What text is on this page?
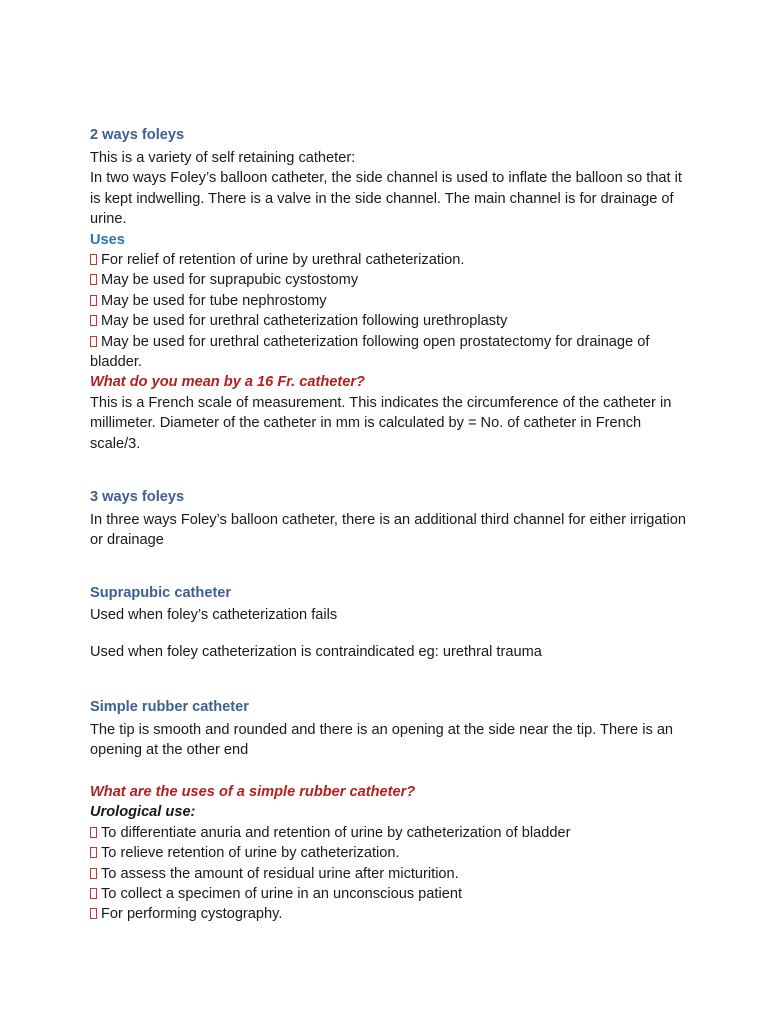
2 ways foleys
This is a variety of self retaining catheter:
In two ways Foley’s balloon catheter, the side channel is used to inflate the balloon so that it is kept indwelling. There is a valve in the side channel. The main channel is for drainage of urine.
Uses
For relief of retention of urine by urethral catheterization.
May be used for suprapubic cystostomy
May be used for tube nephrostomy
May be used for urethral catheterization following urethroplasty
May be used for urethral catheterization following open prostatectomy for drainage of bladder.
What do you mean by a 16 Fr. catheter?
This is a French scale of measurement. This indicates the circumference of the catheter in millimeter. Diameter of the catheter in mm is calculated by = No. of catheter in French scale/3.
3 ways foleys
In three ways Foley’s balloon catheter, there is an additional third channel for either irrigation or drainage
Suprapubic catheter
Used when foley’s catheterization fails
Used when foley catheterization is contraindicated eg: urethral trauma
Simple rubber catheter
The tip is smooth and rounded and there is an opening at the side near the tip. There is an opening at the other end
What are the uses of a simple rubber catheter?
Urological use:
To differentiate anuria and retention of urine by catheterization of bladder
To relieve retention of urine by catheterization.
To assess the amount of residual urine after micturition.
To collect a specimen of urine in an unconscious patient
For performing cystography.
